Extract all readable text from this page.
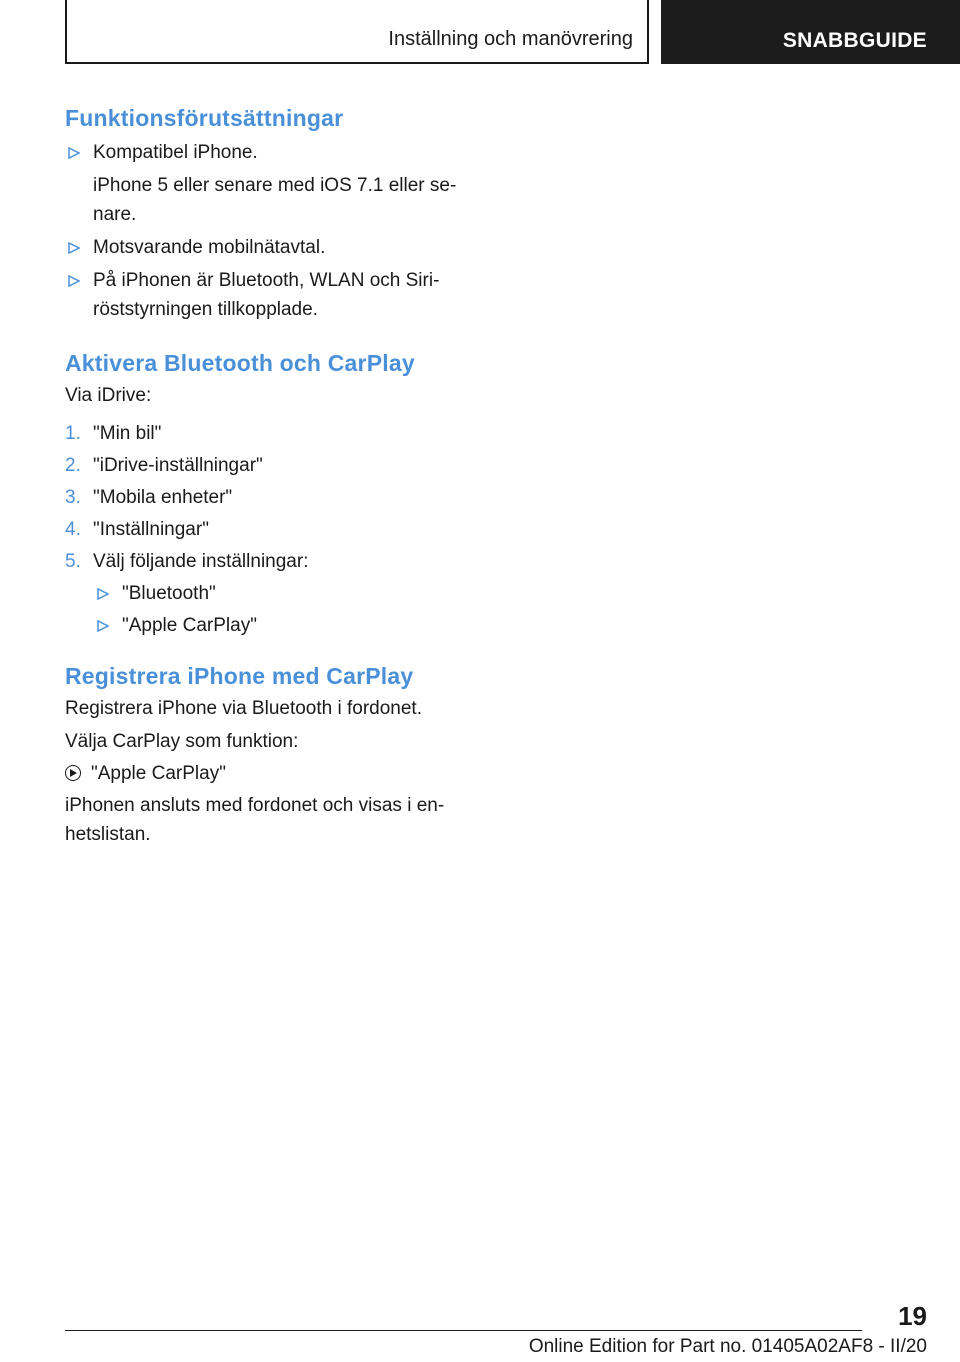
Inställning och manövrering	SNABBGUIDE
Funktionsförutsättningar
Kompatibel iPhone.
iPhone 5 eller senare med iOS 7.1 eller se‐
nare.
Motsvarande mobilnätavtal.
På iPhonen är Bluetooth, WLAN och Siri-
röststyrningen tillkopplade.
Aktivera Bluetooth och CarPlay
Via iDrive:
1. "Min bil"
2. "iDrive-inställningar"
3. "Mobila enheter"
4. "Inställningar"
5. Välj följande inställningar:
"Bluetooth"
"Apple CarPlay"
Registrera iPhone med CarPlay
Registrera iPhone via Bluetooth i fordonet.
Välja CarPlay som funktion:
"Apple CarPlay"
iPhonen ansluts med fordonet och visas i en‐
hetslistan.
19
Online Edition for Part no. 01405A02AF8 - II/20
